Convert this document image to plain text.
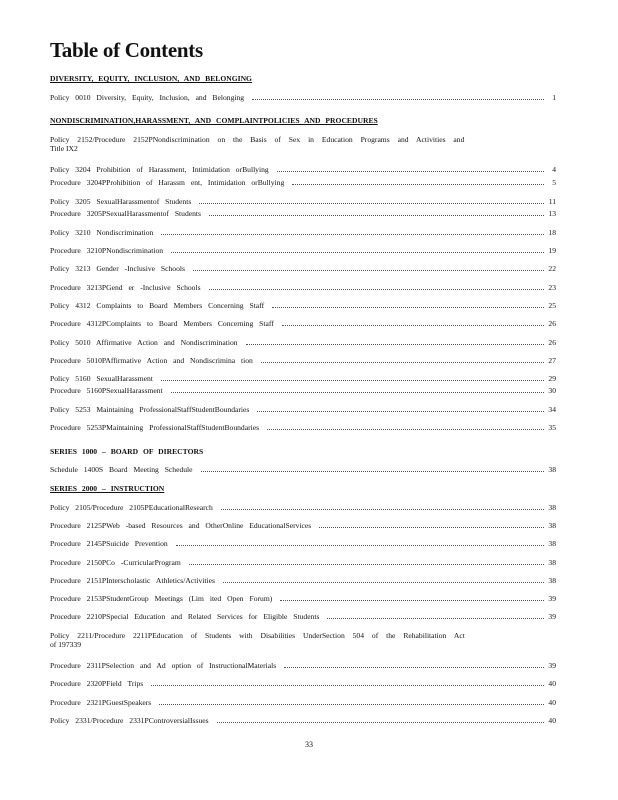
Table of Contents
DIVERSITY, EQUITY, INCLUSION, AND BELONGING
Policy 0010 Diversity, Equity, Inclusion, and Belonging	1
NONDISCRIMINATION,HARASSMENT, AND COMPLAINTPOLICIES AND PROCEDURES
Policy 2152/Procedure 2152PNondiscrimination on the Basis of Sex in Education Programs and Activities and
Title IX 2
Policy 3204 Prohibition of Harassment, Intimidation orBullying	4
Procedure 3204PProhibition of Harassm ent, Intimidation orBullying	5
Policy 3205 SexualHarassmentof Students	11
Procedure 3205PSexualHarassmentof Students	13
Policy 3210 Nondiscrimination	18
Procedure 3210PNondiscrimination	19
Policy 3213 Gender -Inclusive Schools	22
Procedure 3213PGend er -Inclusive Schools	23
Policy 4312 Complaints to Board Members Concerning Staff	25
Procedure 4312PComplaints to Board Members Concerning Staff	26
Policy 5010 Affirmative Action and Nondiscrimination	26
Procedure 5010PAffirmative Action and Nondiscrimina tion	27
Policy 5160 SexualHarassment	29
Procedure 5160PSexualHarassment	30
Policy 5253 Maintaining ProfessionalStaffStudentBoundaries	34
Procedure 5253PMaintaining ProfessionalStaffStudentBoundaries	35
SERIES 1000 – BOARD OF DIRECTORS
Schedule 1400S Board Meeting Schedule	38
SERIES 2000 – INSTRUCTION
Policy 2105/Procedure 2105PEducationalResearch	38
Procedure 2125PWeb -based Resources and OtherOnline EducationalServices	38
Procedure 2145PSuicide Prevention	38
Procedure 2150PCo -CurricularProgram	38
Procedure 2151PInterscholastic Athletics/Activities	38
Procedure 2153PStudentGroup Meetings (Lim ited Open Forum)	39
Procedure 2210PSpecial Education and Related Services for Eligible Students	39
Policy 2211/Procedure 2211PEducation of Students with Disabilities UnderSection 504 of the Rehabilitation Act
of 1973 39
Procedure 2311PSelection and Ad option of InstructionalMaterials	39
Procedure 2320PField Trips	40
Procedure 2321PGuestSpeakers	40
Policy 2331/Procedure 2331PControversialIssues	40
33
